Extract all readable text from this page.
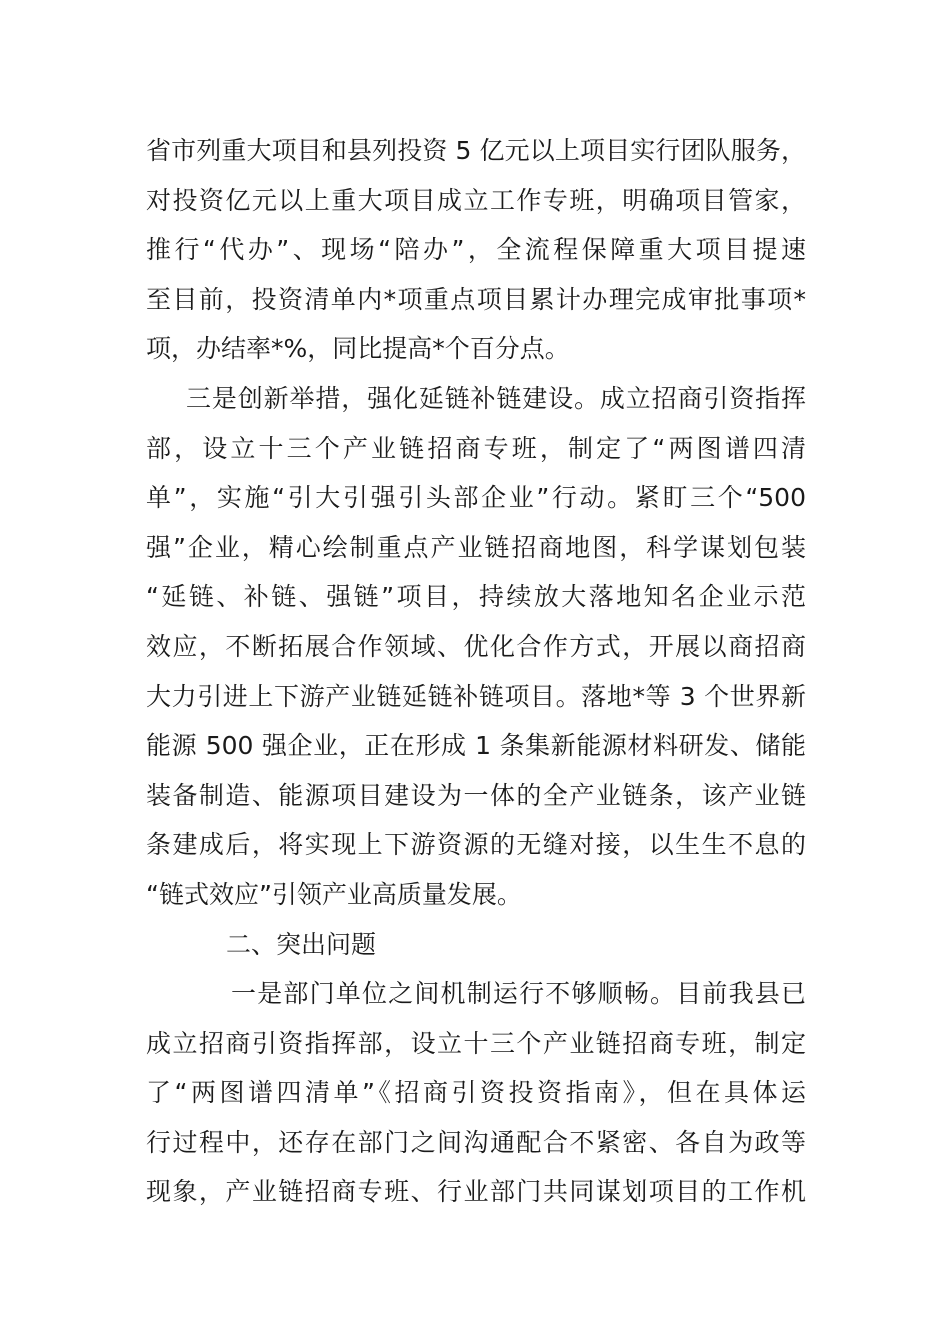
省市列重大项目和县列投资 5 亿元以上项目实行团队服务，
对投资亿元以上重大项目成立工作专班，明确项目管家，
推行“代办”、现场“陪办”，全流程保障重大项目提速
至目前，投资清单内*项重点项目累计办理完成审批事项*
项，办结率*%，同比提高*个百分点。
三是创新举措，强化延链补链建设。成立招商引资指挥
部，设立十三个产业链招商专班，制定了“两图谱四清
单”，实施“引大引强引头部企业”行动。紧盯三个“500
强”企业，精心绘制重点产业链招商地图，科学谋划包装
“延链、补链、强链”项目，持续放大落地知名企业示范
效应，不断拓展合作领域、优化合作方式，开展以商招商
大力引进上下游产业链延链补链项目。落地*等 3 个世界新
能源 500 强企业，正在形成 1 条集新能源材料研发、储能
装备制造、能源项目建设为一体的全产业链条，该产业链
条建成后，将实现上下游资源的无缝对接，以生生不息的
“链式效应”引领产业高质量发展。
二、突出问题
一是部门单位之间机制运行不够顺畅。目前我县已
成立招商引资指挥部，设立十三个产业链招商专班，制定
了“两图谱四清单”《招商引资投资指南》，但在具体运
行过程中，还存在部门之间沟通配合不紧密、各自为政等
现象，产业链招商专班、行业部门共同谋划项目的工作机
